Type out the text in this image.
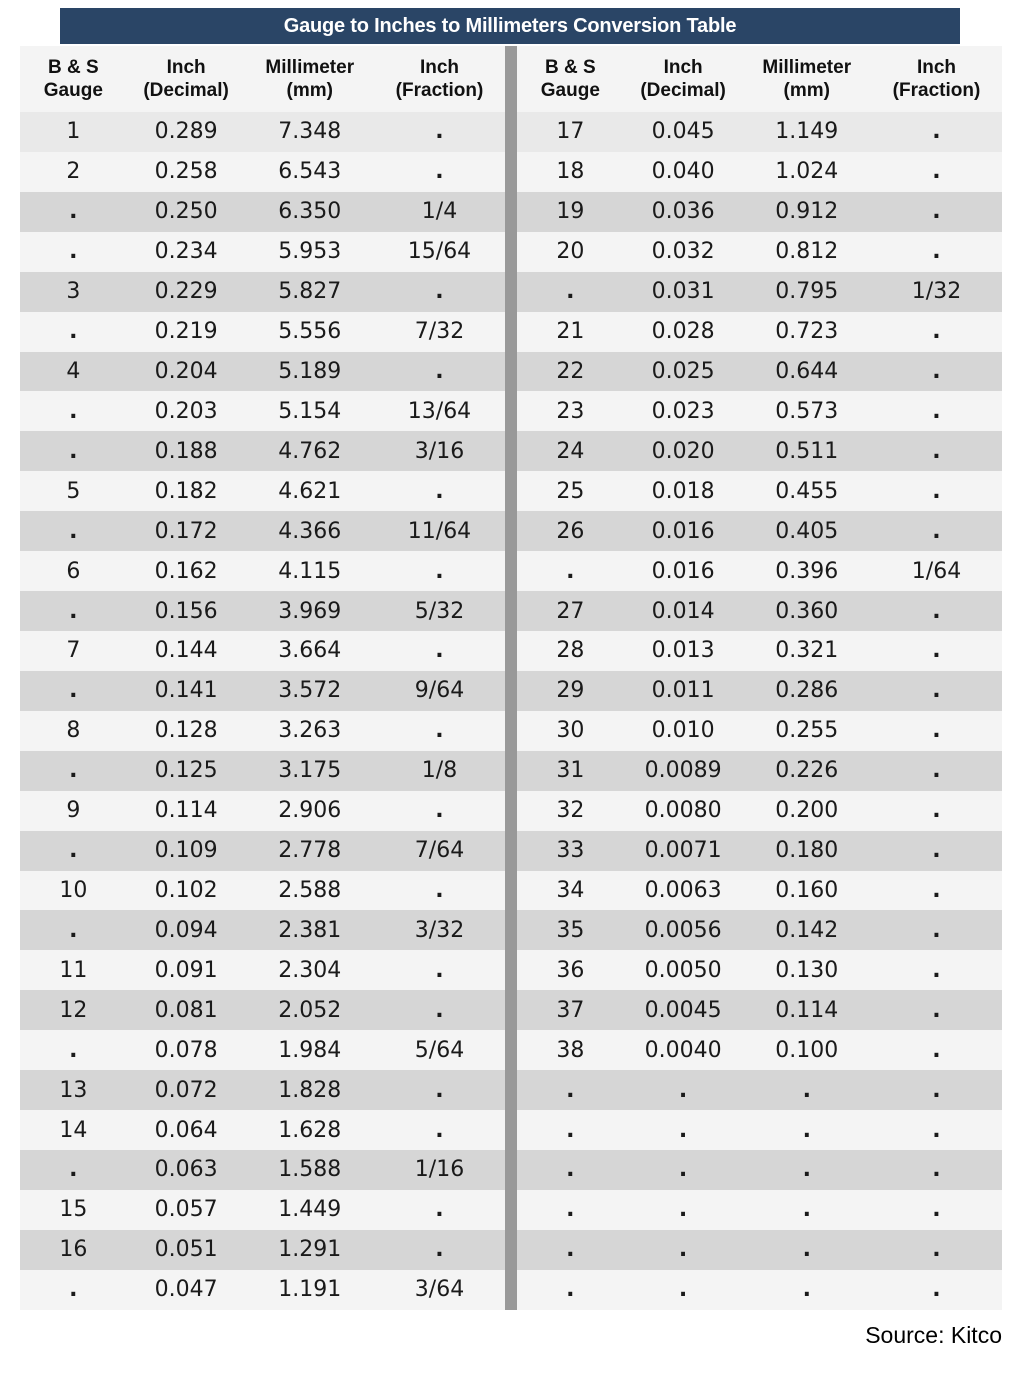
Gauge to Inches to Millimeters Conversion Table
B & S
Gauge
Inch
(Decimal)
Millimeter
(mm)
Inch
(Fraction)
1	0.289	7.348	.
2	0.258	6.543	.
.	0.250	6.350	1/4
.	0.234	5.953	15/64
3	0.229	5.827	.
.	0.219	5.556	7/32
4	0.204	5.189	.
.	0.203	5.154	13/64
.	0.188	4.762	3/16
5	0.182	4.621	.
.	0.172	4.366	11/64
6	0.162	4.115	.
.	0.156	3.969	5/32
7	0.144	3.664	.
.	0.141	3.572	9/64
8	0.128	3.263	.
.	0.125	3.175	1/8
9	0.114	2.906	.
.	0.109	2.778	7/64
10	0.102	2.588	.
.	0.094	2.381	3/32
11	0.091	2.304	.
12	0.081	2.052	.
.	0.078	1.984	5/64
13	0.072	1.828	.
14	0.064	1.628	.
.	0.063	1.588	1/16
15	0.057	1.449	.
16	0.051	1.291	.
.	0.047	1.191	3/64
B & S
Gauge
Inch
(Decimal)
Millimeter
(mm)
Inch
(Fraction)
17	0.045	1.149	.
18	0.040	1.024	.
19	0.036	0.912	.
20	0.032	0.812	.
.	0.031	0.795	1/32
21	0.028	0.723	.
22	0.025	0.644	.
23	0.023	0.573	.
24	0.020	0.511	.
25	0.018	0.455	.
26	0.016	0.405	.
.	0.016	0.396	1/64
27	0.014	0.360	.
28	0.013	0.321	.
29	0.011	0.286	.
30	0.010	0.255	.
31	0.0089	0.226	.
32	0.0080	0.200	.
33	0.0071	0.180	.
34	0.0063	0.160	.
35	0.0056	0.142	.
36	0.0050	0.130	.
37	0.0045	0.114	.
38	0.0040	0.100	.
.	.	.	.
.	.	.	.
.	.	.	.
.	.	.	.
.	.	.	.
.	.	.	.
Source: Kitco
